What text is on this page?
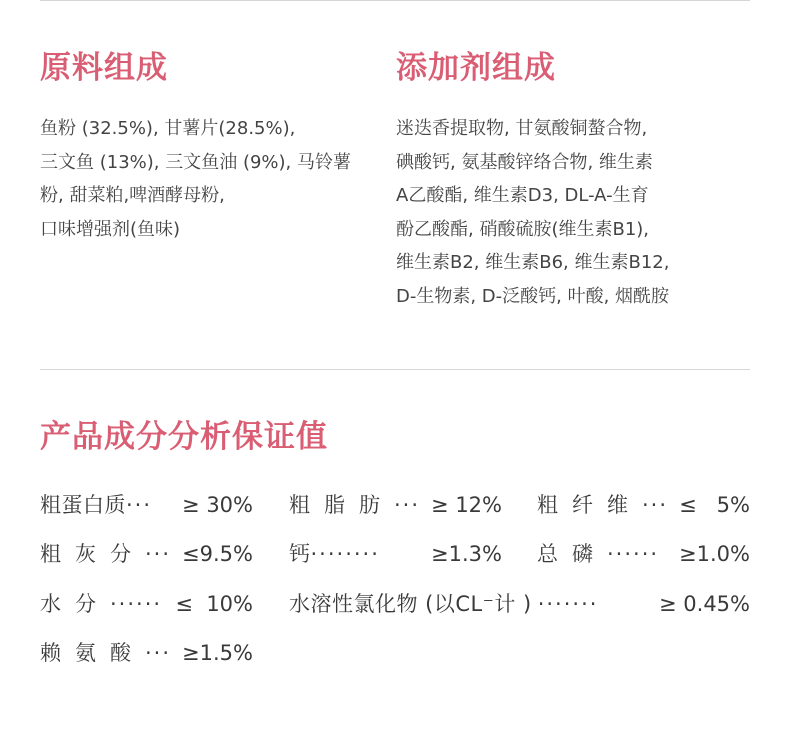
原料组成
鱼粉 (32.5%), 甘薯片(28.5%),
三文鱼 (13%), 三文鱼油 (9%), 马铃薯
粉, 甜菜粕,啤酒酵母粉,
口味增强剂(鱼味)
添加剂组成
迷迭香提取物, 甘氨酸铜螯合物,
碘酸钙, 氨基酸锌络合物, 维生素
A乙酸酯, 维生素D3, DL-A-生育
酚乙酸酯, 硝酸硫胺(维生素B1),
维生素B2, 维生素B6, 维生素B12,
D-生物素, D-泛酸钙, 叶酸, 烟酰胺
产品成分分析保证值
粗蛋白质 ···	≥ 30% 粗脂肪 ··· ≥ 12% 粗纤维 ··· ≤   5%
粗灰分 ··· ≤9.5% 钙 ········	≥1.3% 总磷 ······ ≥1.0%
水分 ······ ≤  10% 水溶性氯化物 (以CL⁻计 ) ·······	≥ 0.45%
赖氨酸 ··· ≥1.5%
